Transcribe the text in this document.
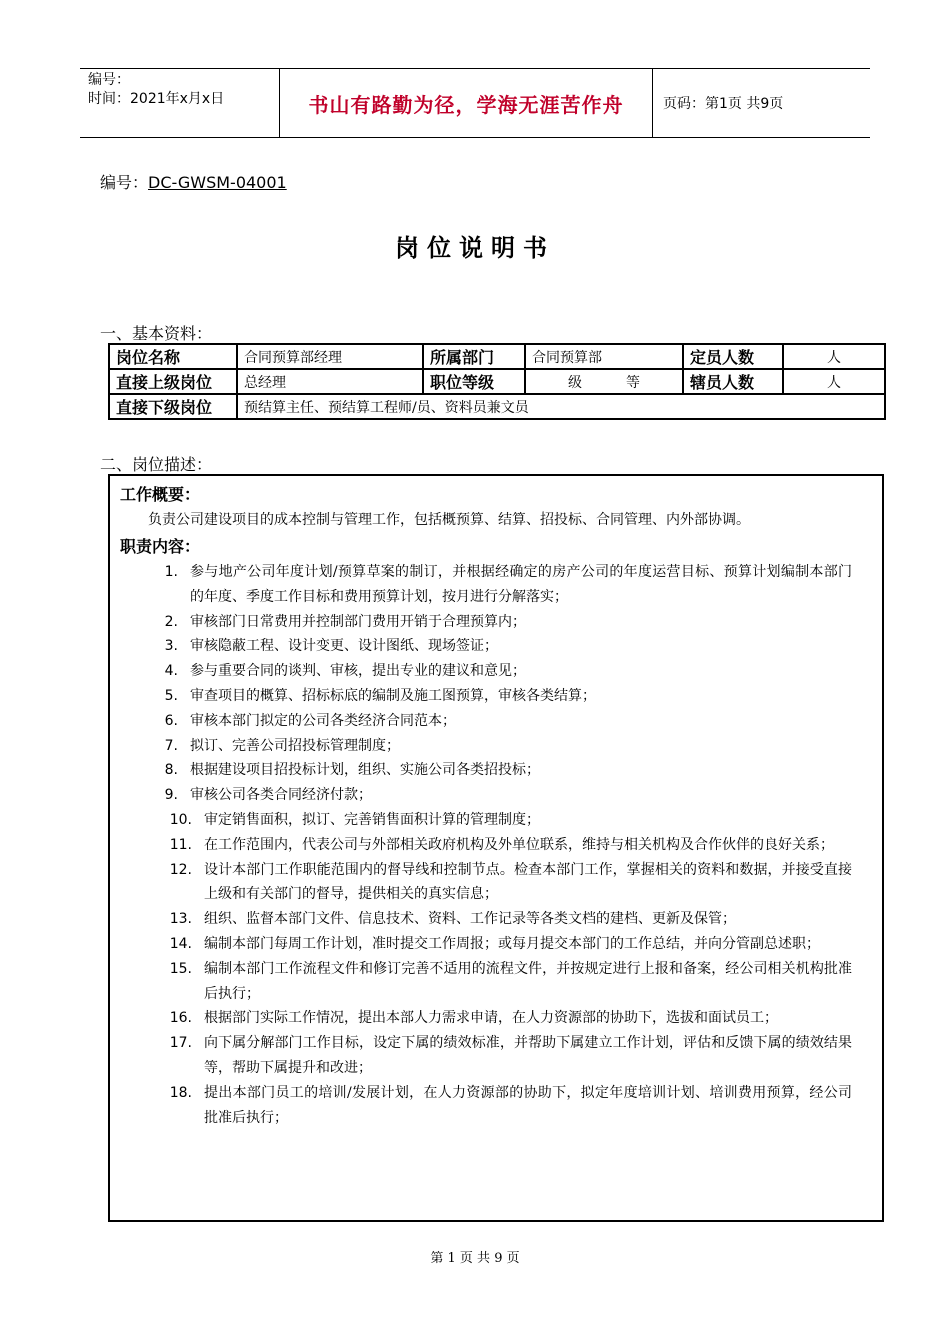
编号：
时间：2021年x月x日	书山有路勤为径，学海无涯苦作舟	页码：第1页 共9页
编号：DC-GWSM-04001
岗位说明书
一、基本资料：
岗位名称	合同预算部经理	所属部门	合同预算部	定员人数	人
直接上级岗位	总经理	职位等级	级 等	辖员人数	人
直接下级岗位	预结算主任、预结算工程师/员、资料员兼文员				
二、岗位描述：
工作概要：
负责公司建设项目的成本控制与管理工作，包括概预算、结算、招投标、合同管理、内外部协调。
职责内容：
1. 参与地产公司年度计划/预算草案的制订，并根据经确定的房产公司的年度运营目标、预算计划编制本部门的年度、季度工作目标和费用预算计划，按月进行分解落实；
2. 审核部门日常费用并控制部门费用开销于合理预算内；
3. 审核隐蔽工程、设计变更、设计图纸、现场签证；
4. 参与重要合同的谈判、审核，提出专业的建议和意见；
5. 审查项目的概算、招标标底的编制及施工图预算，审核各类结算；
6. 审核本部门拟定的公司各类经济合同范本；
7. 拟订、完善公司招投标管理制度；
8. 根据建设项目招投标计划，组织、实施公司各类招投标；
9. 审核公司各类合同经济付款；
10. 审定销售面积，拟订、完善销售面积计算的管理制度；
11. 在工作范围内，代表公司与外部相关政府机构及外单位联系，维持与相关机构及合作伙伴的良好关系；
12. 设计本部门工作职能范围内的督导线和控制节点。检查本部门工作，掌握相关的资料和数据，并接受直接上级和有关部门的督导，提供相关的真实信息；
13. 组织、监督本部门文件、信息技术、资料、工作记录等各类文档的建档、更新及保管；
14. 编制本部门每周工作计划，准时提交工作周报；或每月提交本部门的工作总结，并向分管副总述职；
15. 编制本部门工作流程文件和修订完善不适用的流程文件，并按规定进行上报和备案，经公司相关机构批准后执行；
16. 根据部门实际工作情况，提出本部人力需求申请，在人力资源部的协助下，选拔和面试员工；
17. 向下属分解部门工作目标，设定下属的绩效标准，并帮助下属建立工作计划，评估和反馈下属的绩效结果等，帮助下属提升和改进；
18. 提出本部门员工的培训/发展计划，在人力资源部的协助下，拟定年度培训计划、培训费用预算，经公司批准后执行；
第 1 页 共 9 页
